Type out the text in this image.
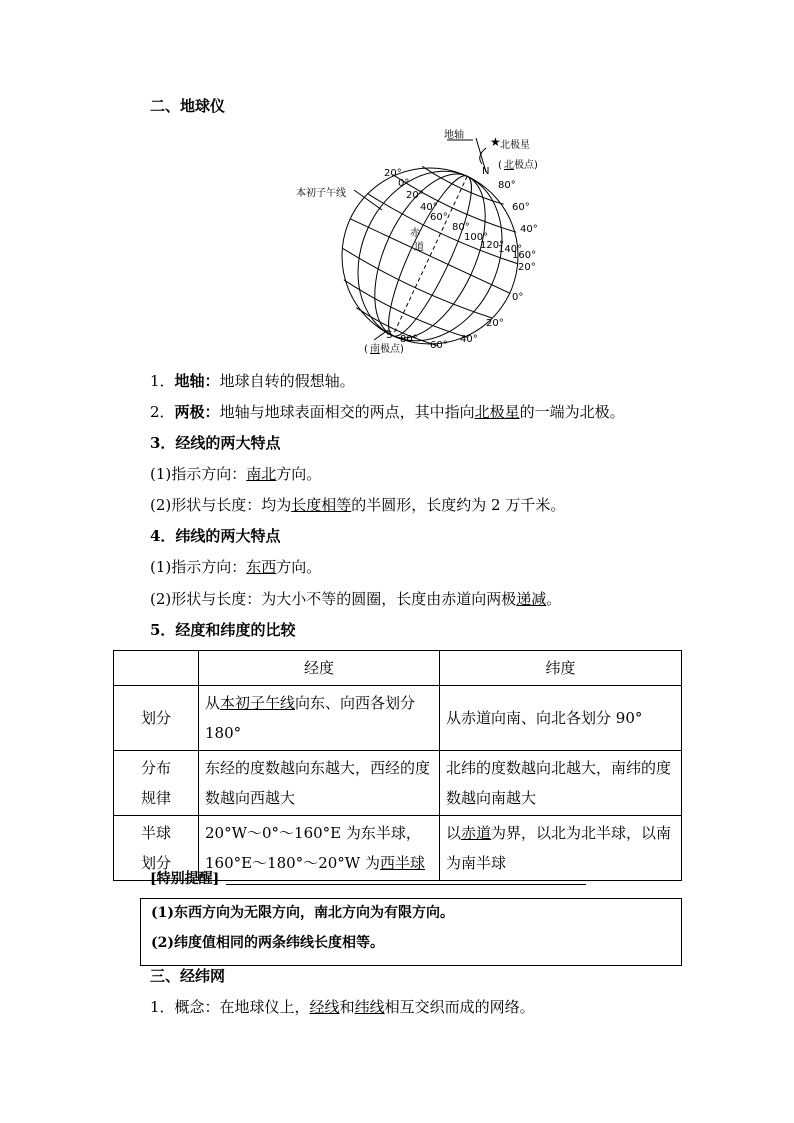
二、地球仪
★
地轴
北极星
( 北 极点)
N
S
( 南 极点)
本初子午线
赤
道
80°
60°
40°
20°
0°
20°
80°
60°
40°
20°
0°
20°
40°
60°
80°
100°
120°
140°
160°
1．地轴：地球自转的假想轴。
2．两极：地轴与地球表面相交的两点，其中指向北极星的一端为北极。
3．经线的两大特点
(1)指示方向：南北方向。
(2)形状与长度：均为长度相等的半圆形，长度约为 2 万千米。
4．纬线的两大特点
(1)指示方向：东西方向。
(2)形状与长度：为大小不等的圆圈，长度由赤道向两极递减。
5．经度和纬度的比较
	经度	纬度
划分	从本初子午线向东、向西各划分 180°	从赤道向南、向北各划分 90°
分布
规律	东经的度数越向东越大，西经的度数越向西越大	北纬的度数越向北越大，南纬的度数越向南越大
半球
划分	20°W～0°～160°E 为东半球，160°E～180°～20°W 为西半球	以赤道为界，以北为北半球，以南为南半球
[特别提醒]
(1)东西方向为无限方向，南北方向为有限方向。
(2)纬度值相同的两条纬线长度相等。
三、经纬网
1．概念：在地球仪上，经线和纬线相互交织而成的网络。
